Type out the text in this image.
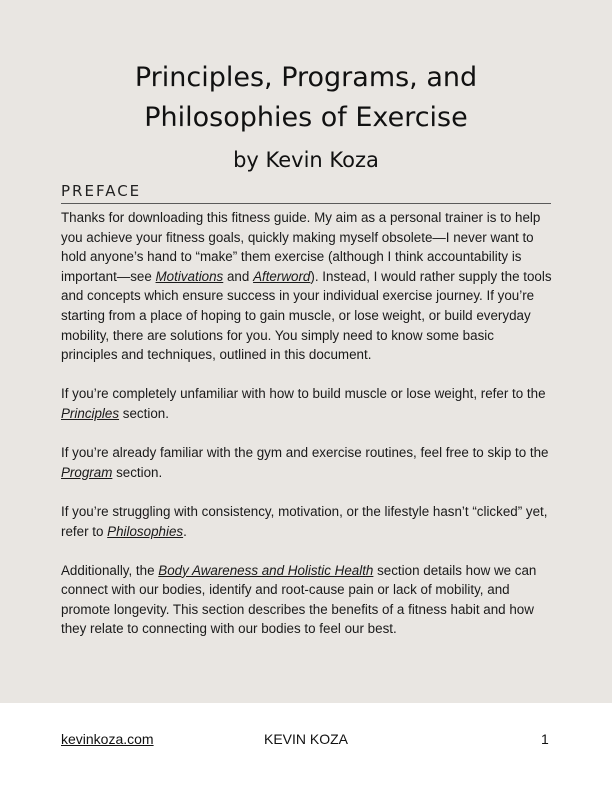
Principles, Programs, and
Philosophies of Exercise
by Kevin Koza
PREFACE

Thanks for downloading this fitness guide. My aim as a personal trainer is to help you achieve your fitness goals, quickly making myself obsolete—I never want to hold anyone’s hand to “make” them exercise (although I think accountability is important—see Motivations and Afterword). Instead, I would rather supply the tools and concepts which ensure success in your individual exercise journey. If you’re starting from a place of hoping to gain muscle, or lose weight, or build everyday mobility, there are solutions for you. You simply need to know some basic principles and techniques, outlined in this document.

If you’re completely unfamiliar with how to build muscle or lose weight, refer to the Principles section.

If you’re already familiar with the gym and exercise routines, feel free to skip to the Program section.

If you’re struggling with consistency, motivation, or the lifestyle hasn’t “clicked” yet, refer to Philosophies.

Additionally, the Body Awareness and Holistic Health section details how we can connect with our bodies, identify and root-cause pain or lack of mobility, and promote longevity. This section describes the benefits of a fitness habit and how they relate to connecting with our bodies to feel our best.

kevinkoza.com	KEVIN KOZA	1
